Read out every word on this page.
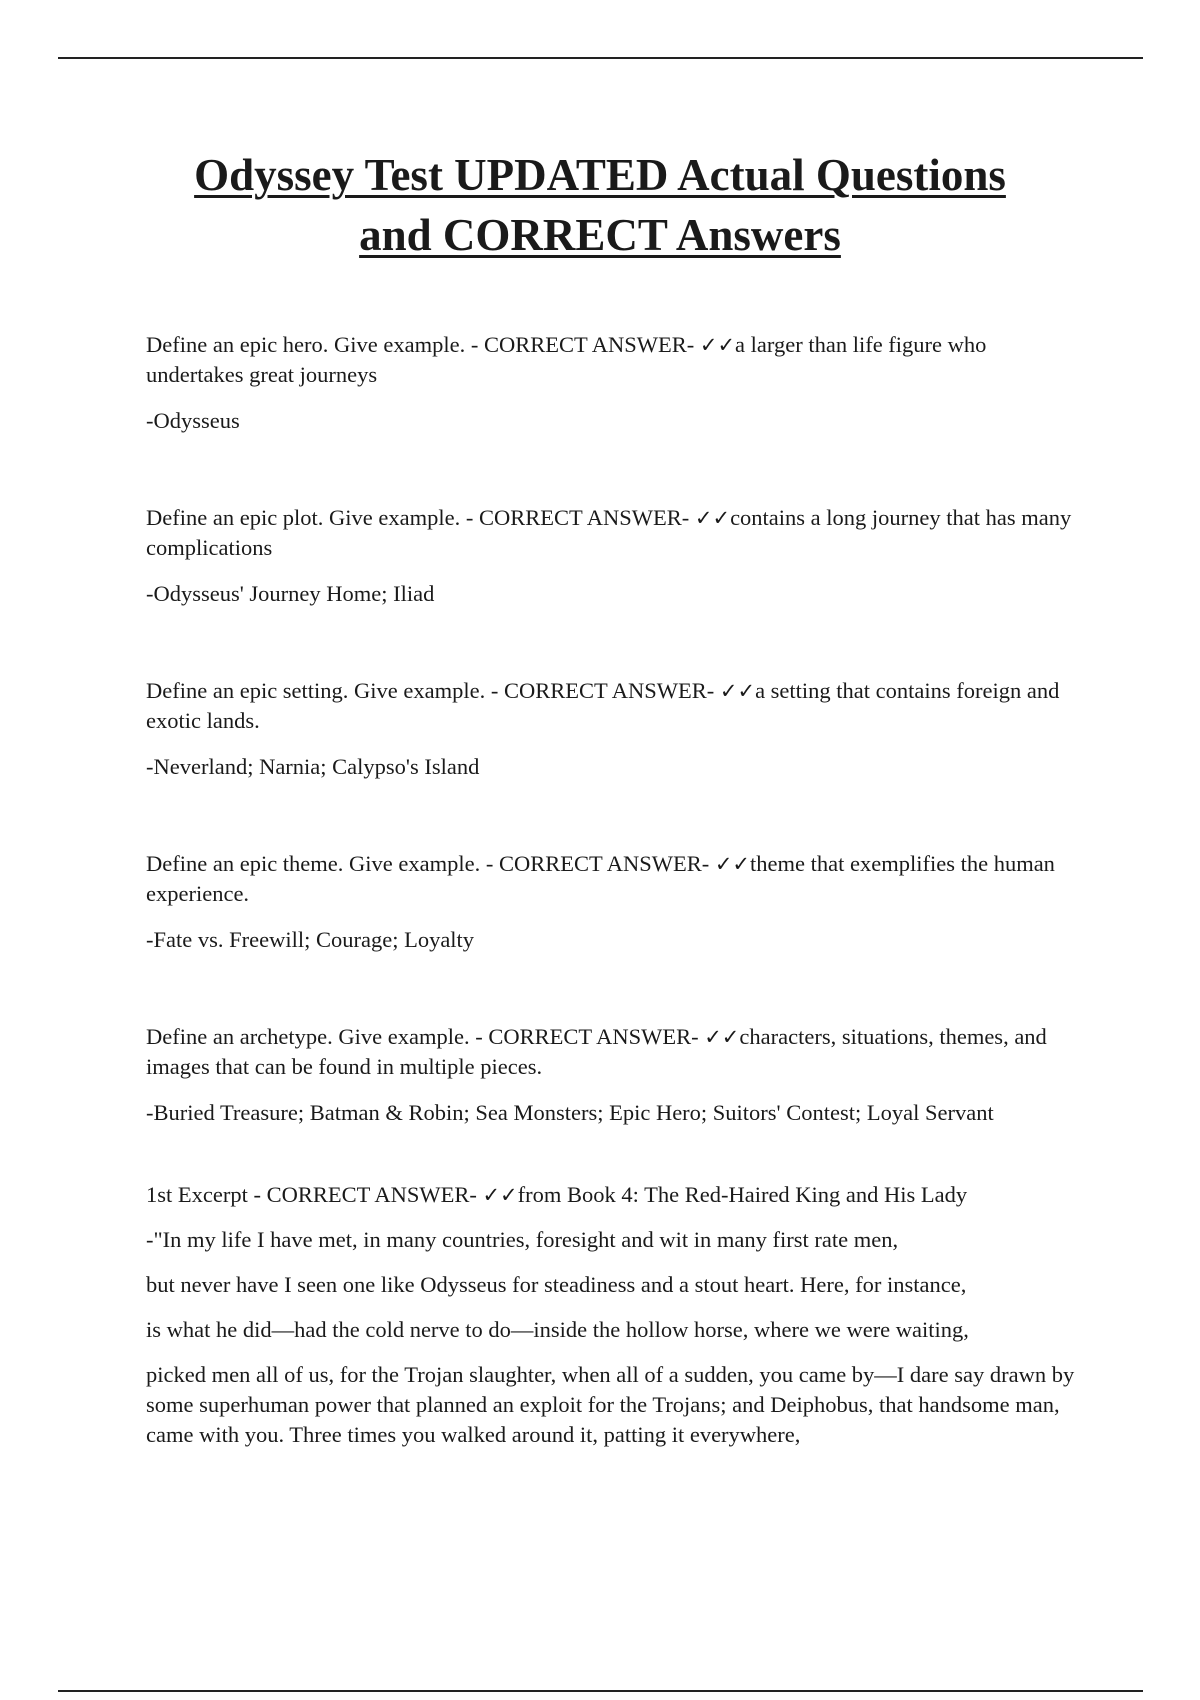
Odyssey Test UPDATED Actual Questions
and CORRECT Answers

Define an epic hero. Give example. - CORRECT ANSWER- ✓✓a larger than life figure who undertakes great journeys

-Odysseus

Define an epic plot. Give example. - CORRECT ANSWER- ✓✓contains a long journey that has many complications

-Odysseus' Journey Home; Iliad

Define an epic setting. Give example. - CORRECT ANSWER- ✓✓a setting that contains foreign and exotic lands.

-Neverland; Narnia; Calypso's Island

Define an epic theme. Give example. - CORRECT ANSWER- ✓✓theme that exemplifies the human experience.

-Fate vs. Freewill; Courage; Loyalty

Define an archetype. Give example. - CORRECT ANSWER- ✓✓characters, situations, themes, and images that can be found in multiple pieces.

-Buried Treasure; Batman & Robin; Sea Monsters; Epic Hero; Suitors' Contest; Loyal Servant

1st Excerpt - CORRECT ANSWER- ✓✓from Book 4: The Red-Haired King and His Lady

-"In my life I have met, in many countries, foresight and wit in many first rate men,

but never have I seen one like Odysseus for steadiness and a stout heart. Here, for instance,

is what he did—had the cold nerve to do—inside the hollow horse, where we were waiting,

picked men all of us, for the Trojan slaughter, when all of a sudden, you came by—I dare say drawn by some superhuman power that planned an exploit for the Trojans; and Deiphobus, that handsome man, came with you. Three times you walked around it, patting it everywhere,
